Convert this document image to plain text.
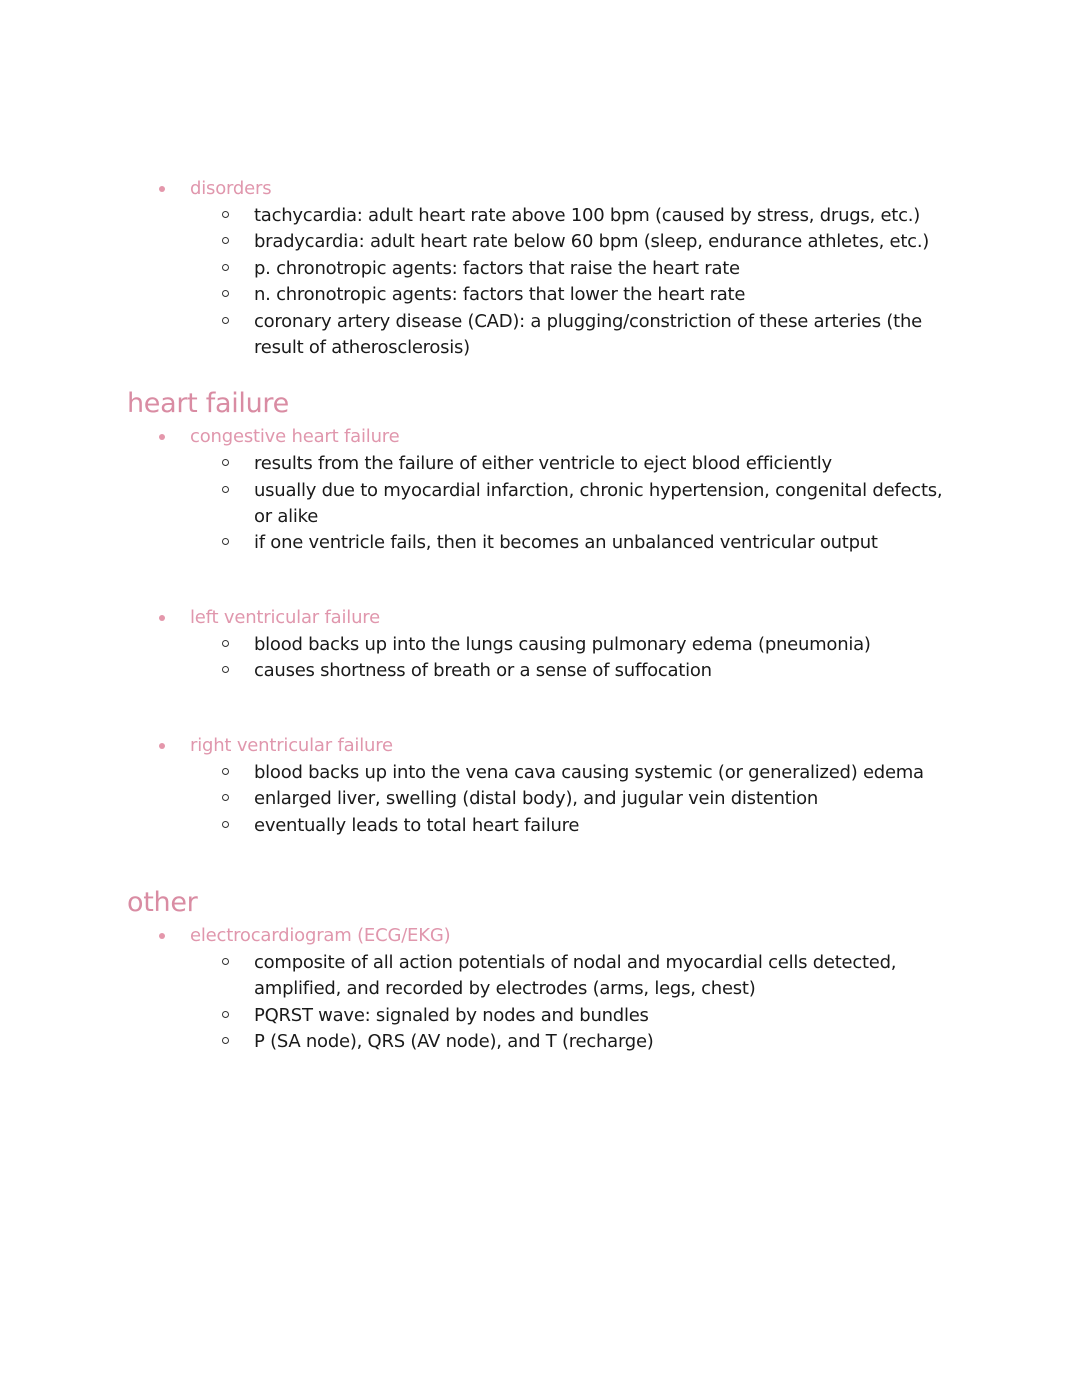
disorders
tachycardia: adult heart rate above 100 bpm (caused by stress, drugs, etc.)
bradycardia: adult heart rate below 60 bpm (sleep, endurance athletes, etc.)
p. chronotropic agents: factors that raise the heart rate
n. chronotropic agents: factors that lower the heart rate
coronary artery disease (CAD): a plugging/constriction of these arteries (the result of atherosclerosis)
heart failure
congestive heart failure
results from the failure of either ventricle to eject blood efficiently
usually due to myocardial infarction, chronic hypertension, congenital defects, or alike
if one ventricle fails, then it becomes an unbalanced ventricular output
left ventricular failure
blood backs up into the lungs causing pulmonary edema (pneumonia)
causes shortness of breath or a sense of suffocation
right ventricular failure
blood backs up into the vena cava causing systemic (or generalized) edema
enlarged liver, swelling (distal body), and jugular vein distention
eventually leads to total heart failure
other
electrocardiogram (ECG/EKG)
composite of all action potentials of nodal and myocardial cells detected, amplified, and recorded by electrodes (arms, legs, chest)
PQRST wave: signaled by nodes and bundles
P (SA node), QRS (AV node), and T (recharge)
